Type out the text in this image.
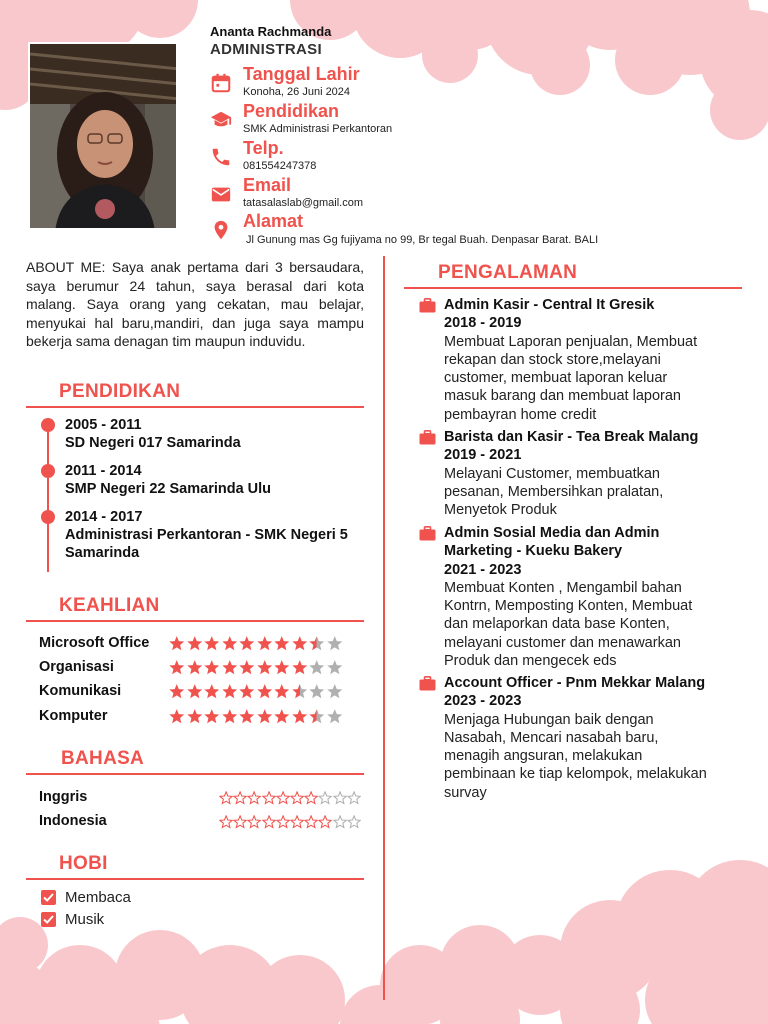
Ananta Rachmanda
ADMINISTRASI
Tanggal Lahir
Konoha, 26 Juni 2024
Pendidikan
SMK Administrasi Perkantoran
Telp.
081554247378
Email
tatasalaslab@gmail.com
Alamat
Jl Gunung mas Gg fujiyama no 99, Br tegal Buah. Denpasar Barat. BALI
ABOUT ME: Saya anak pertama dari 3 bersaudara, saya berumur 24 tahun, saya berasal dari kota malang. Saya orang yang cekatan, mau belajar, menyukai hal baru,mandiri, dan juga saya mampu bekerja sama denagan tim maupun induvidu.
PENDIDIKAN
2005 - 2011
SD Negeri 017 Samarinda
2011 - 2014
SMP Negeri 22 Samarinda Ulu
2014 - 2017
Administrasi Perkantoran - SMK Negeri 5 Samarinda
KEAHLIAN
Microsoft Office
Organisasi
Komunikasi
Komputer
BAHASA
Inggris
Indonesia
HOBI
Membaca
Musik
PENGALAMAN
Admin Kasir - Central It Gresik
2018 - 2019
Membuat Laporan penjualan, Membuat
rekapan dan stock store,melayani
customer, membuat laporan keluar
masuk barang dan membuat laporan
pembayran home credit
Barista dan Kasir - Tea Break Malang
2019 - 2021
Melayani Customer, membuatkan
pesanan, Membersihkan pralatan,
Menyetok Produk
Admin Sosial Media dan Admin Marketing - Kueku Bakery
2021 - 2023
Membuat Konten , Mengambil bahan
Kontrn, Memposting Konten, Membuat
dan melaporkan data base Konten,
melayani customer dan menawarkan
Produk dan mengecek eds
Account Officer - Pnm Mekkar Malang
2023 - 2023
Menjaga Hubungan baik dengan
Nasabah, Mencari nasabah baru,
menagih angsuran, melakukan
pembinaan ke tiap kelompok, melakukan
survay
